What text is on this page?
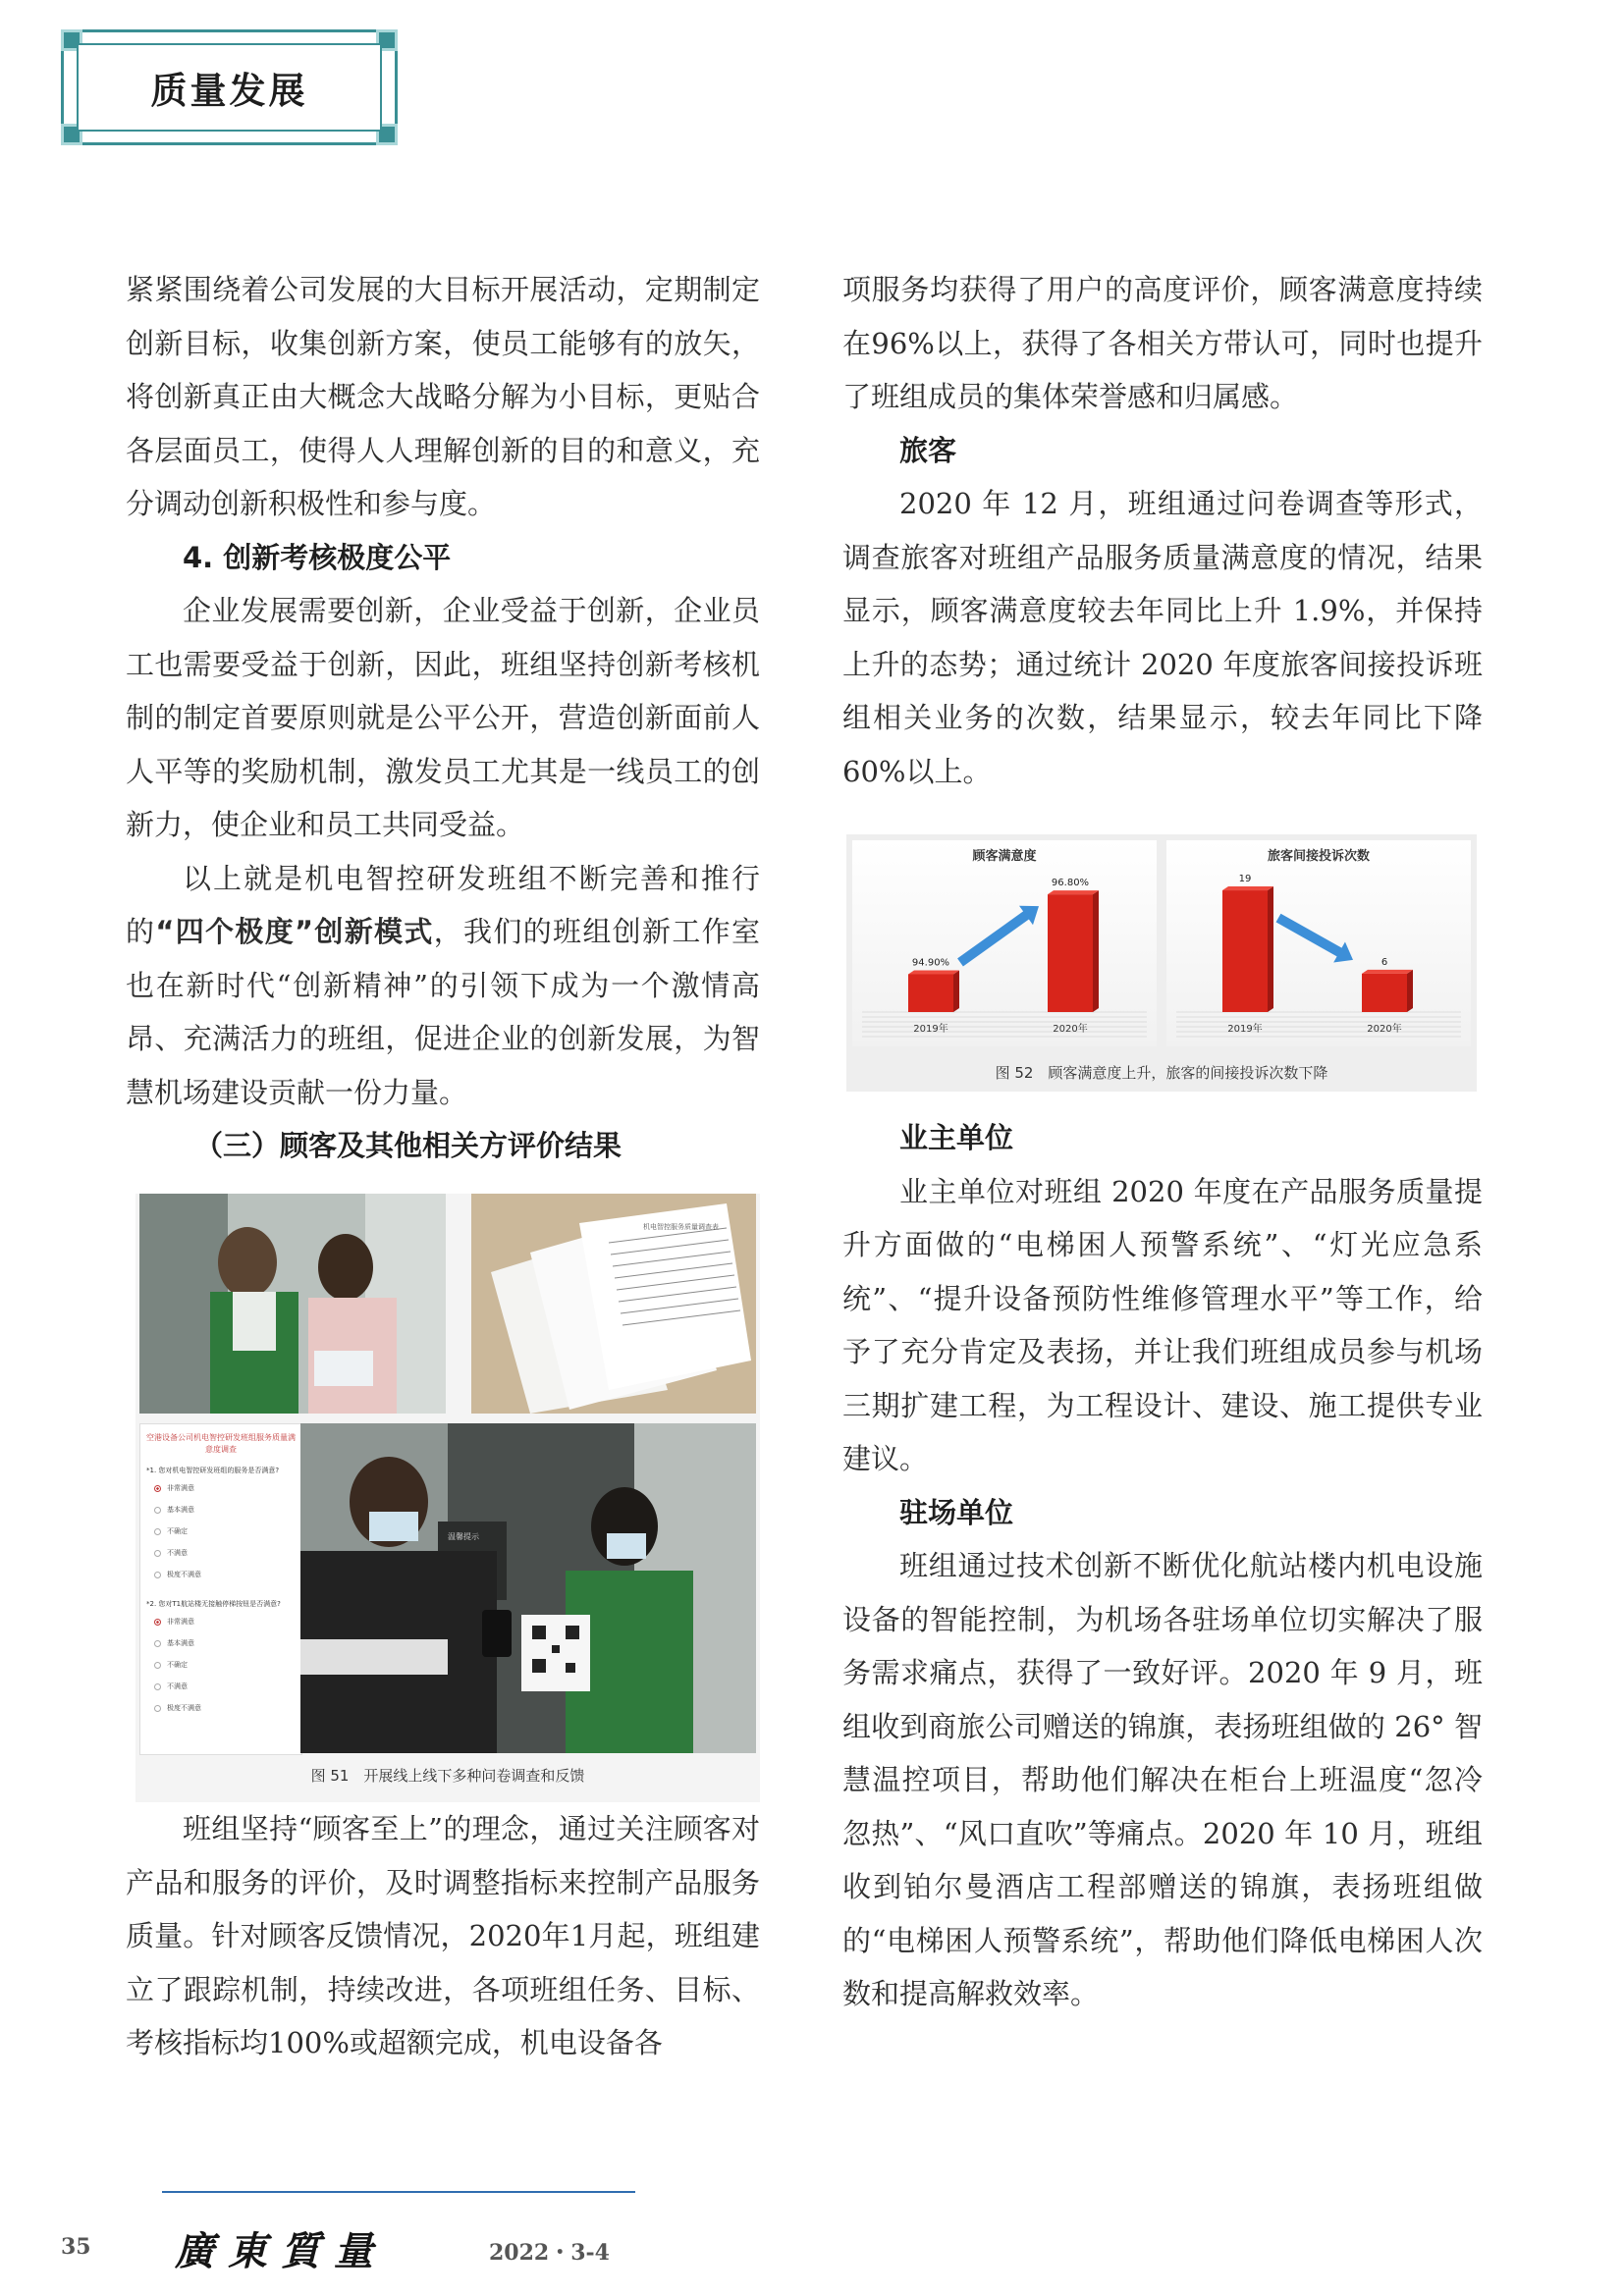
质量发展

紧紧围绕着公司发展的大目标开展活动，定期制定创新目标，收集创新方案，使员工能够有的放矢，将创新真正由大概念大战略分解为小目标，更贴合各层面员工，使得人人理解创新的目的和意义，充分调动创新积极性和参与度。

4. 创新考核极度公平

企业发展需要创新，企业受益于创新，企业员工也需要受益于创新，因此，班组坚持创新考核机制的制定首要原则就是公平公开，营造创新面前人人平等的奖励机制，激发员工尤其是一线员工的创新力，使企业和员工共同受益。

以上就是机电智控研发班组不断完善和推行的“四个极度”创新模式，我们的班组创新工作室也在新时代“创新精神”的引领下成为一个激情高昂、充满活力的班组，促进企业的创新发展，为智慧机场建设贡献一份力量。

（三）顾客及其他相关方评价结果

机电智控服务质量调查表
空港设备公司机电智控研发班组服务质量满意度调查
*1. 您对机电智控研发班组的服务是否满意?
非常满意
基本满意
不确定
不满意
极度不满意
*2. 您对T1航站楼无接触停梯按钮是否满意?
非常满意
基本满意
不确定
不满意
极度不满意
温馨提示
图 51　开展线上线下多种问卷调查和反馈

班组坚持“顾客至上”的理念，通过关注顾客对产品和服务的评价，及时调整指标来控制产品服务质量。针对顾客反馈情况，2020年1月起，班组建立了跟踪机制，持续改进，各项班组任务、目标、考核指标均100%或超额完成，机电设备各

项服务均获得了用户的高度评价，顾客满意度持续在96%以上，获得了各相关方带认可，同时也提升了班组成员的集体荣誉感和归属感。

旅客

2020 年 12 月，班组通过问卷调查等形式，调查旅客对班组产品服务质量满意度的情况，结果显示，顾客满意度较去年同比上升 1.9%，并保持上升的态势；通过统计 2020 年度旅客间接投诉班组相关业务的次数，结果显示，较去年同比下降 60%以上。

顾客满意度
94.90%
2019年
96.80%
2020年
旅客间接投诉次数
19
2019年
6
2020年
图 52　顾客满意度上升，旅客的间接投诉次数下降

业主单位

业主单位对班组 2020 年度在产品服务质量提升方面做的“电梯困人预警系统”、“灯光应急系统”、“提升设备预防性维修管理水平”等工作，给予了充分肯定及表扬，并让我们班组成员参与机场三期扩建工程，为工程设计、建设、施工提供专业建议。

驻场单位

班组通过技术创新不断优化航站楼内机电设施设备的智能控制，为机场各驻场单位切实解决了服务需求痛点，获得了一致好评。2020 年 9 月，班组收到商旅公司赠送的锦旗，表扬班组做的 26° 智慧温控项目，帮助他们解决在柜台上班温度“忽冷忽热”、“风口直吹”等痛点。2020 年 10 月，班组收到铂尔曼酒店工程部赠送的锦旗，表扬班组做的“电梯困人预警系统”，帮助他们降低电梯困人次数和提高解救效率。

35 廣東質量	2022・3-4
